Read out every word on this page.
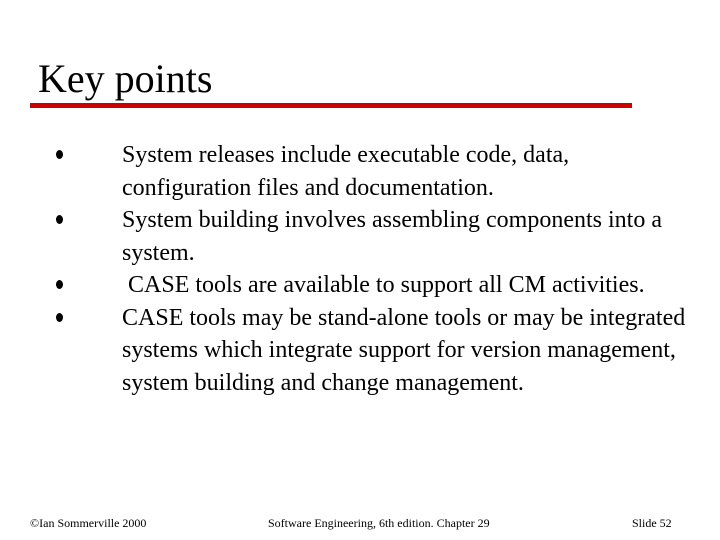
Key points
System releases include executable code, data, configuration files and documentation.
System building involves assembling components into a system.
CASE tools are available to support all CM activities.
CASE tools may be stand-alone tools or may be integrated systems which integrate support for version management, system building and change management.
©Ian Sommerville 2000	Software Engineering, 6th edition. Chapter 29	Slide 52
